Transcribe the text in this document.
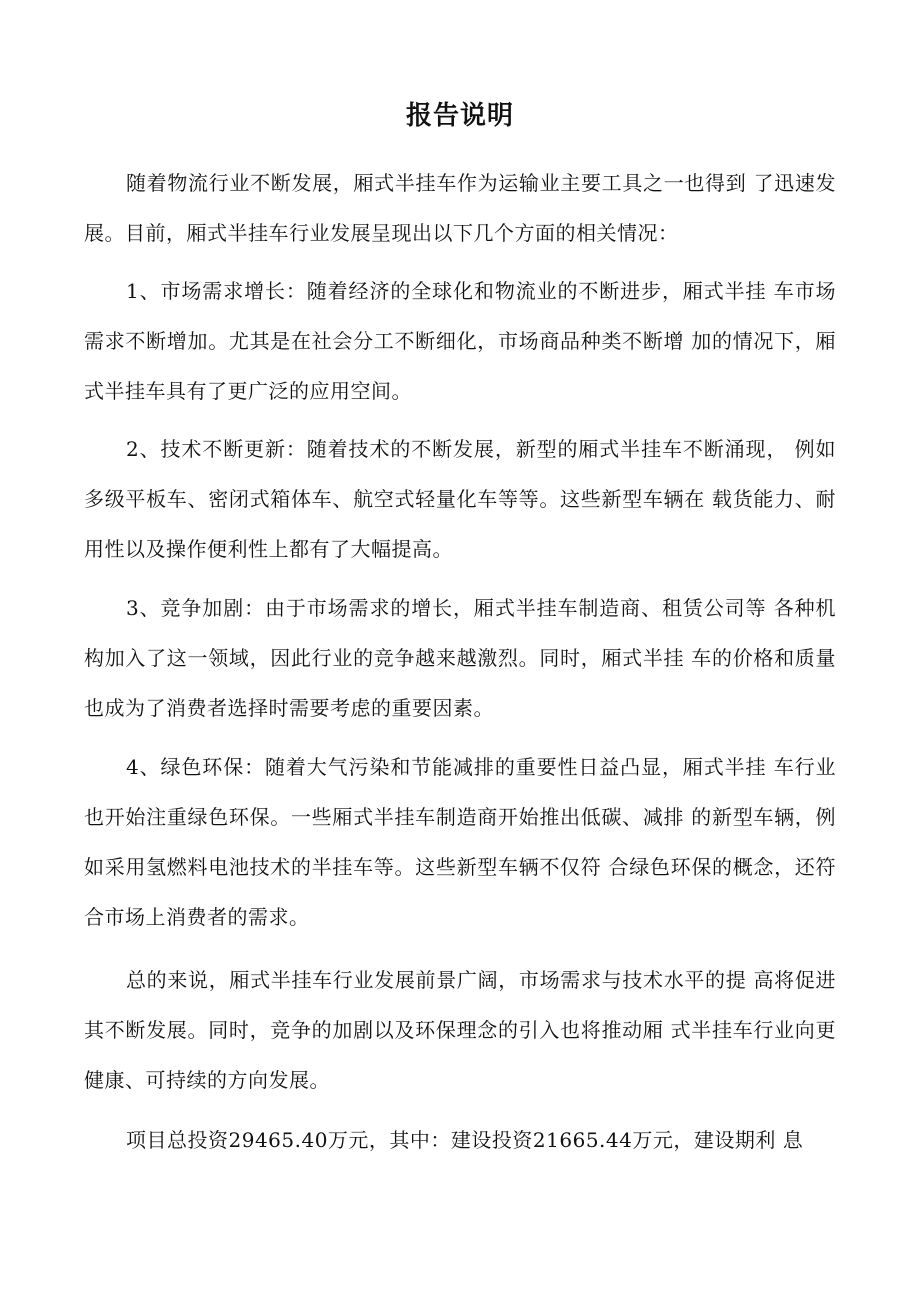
报告说明

随着物流行业不断发展，厢式半挂车作为运输业主要工具之一也得到 了迅速发展。目前，厢式半挂车行业发展呈现出以下几个方面的相关情况：

1、市场需求增长：随着经济的全球化和物流业的不断进步，厢式半挂 车市场需求不断增加。尤其是在社会分工不断细化，市场商品种类不断增 加的情况下，厢式半挂车具有了更广泛的应用空间。

2、技术不断更新：随着技术的不断发展，新型的厢式半挂车不断涌现， 例如多级平板车、密闭式箱体车、航空式轻量化车等等。这些新型车辆在 载货能力、耐用性以及操作便利性上都有了大幅提高。

3、竞争加剧：由于市场需求的增长，厢式半挂车制造商、租赁公司等 各种机构加入了这一领域，因此行业的竞争越来越激烈。同时，厢式半挂 车的价格和质量也成为了消费者选择时需要考虑的重要因素。

4、绿色环保：随着大气污染和节能减排的重要性日益凸显，厢式半挂 车行业也开始注重绿色环保。一些厢式半挂车制造商开始推出低碳、减排 的新型车辆，例如采用氢燃料电池技术的半挂车等。这些新型车辆不仅符 合绿色环保的概念，还符合市场上消费者的需求。

总的来说，厢式半挂车行业发展前景广阔，市场需求与技术水平的提 高将促进其不断发展。同时，竞争的加剧以及环保理念的引入也将推动厢 式半挂车行业向更健康、可持续的方向发展。

项目总投资29465.40万元，其中：建设投资21665.44万元，建设期利 息
